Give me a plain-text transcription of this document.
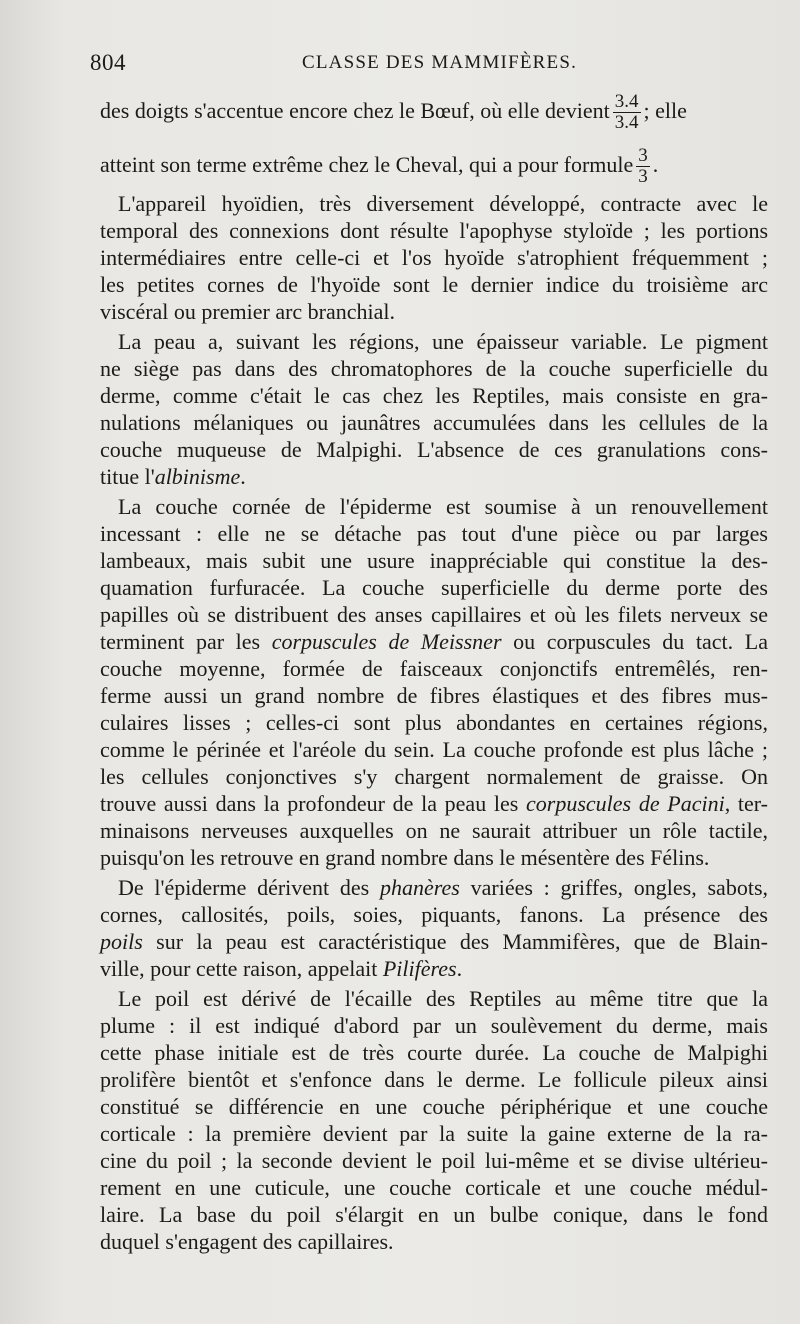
804	CLASSE DES MAMMIFÈRES.
des doigts s'accentue encore chez le Bœuf, où elle devient $\frac{3.4}{3.4}$ ; elle
atteint son terme extrême chez le Cheval, qui a pour formule $\frac{3}{3}$ .
L'appareil hyoïdien, très diversement développé, contracte avec le
temporal des connexions dont résulte l'apophyse styloïde ; les portions
intermédiaires entre celle-ci et l'os hyoïde s'atrophient fréquemment ;
les petites cornes de l'hyoïde sont le dernier indice du troisième arc
viscéral ou premier arc branchial.
La peau a, suivant les régions, une épaisseur variable. Le pigment
ne siège pas dans des chromatophores de la couche superficielle du
derme, comme c'était le cas chez les Reptiles, mais consiste en gra-
nulations mélaniques ou jaunâtres accumulées dans les cellules de la
couche muqueuse de Malpighi. L'absence de ces granulations cons-
titue l'albinisme.
La couche cornée de l'épiderme est soumise à un renouvellement
incessant : elle ne se détache pas tout d'une pièce ou par larges
lambeaux, mais subit une usure inappréciable qui constitue la des-
quamation furfuracée. La couche superficielle du derme porte des
papilles où se distribuent des anses capillaires et où les filets nerveux se
terminent par les corpuscules de Meissner ou corpuscules du tact. La
couche moyenne, formée de faisceaux conjonctifs entremêlés, ren-
ferme aussi un grand nombre de fibres élastiques et des fibres mus-
culaires lisses ; celles-ci sont plus abondantes en certaines régions,
comme le périnée et l'aréole du sein. La couche profonde est plus lâche ;
les cellules conjonctives s'y chargent normalement de graisse. On
trouve aussi dans la profondeur de la peau les corpuscules de Pacini, ter-
minaisons nerveuses auxquelles on ne saurait attribuer un rôle tactile,
puisqu'on les retrouve en grand nombre dans le mésentère des Félins.
De l'épiderme dérivent des phanères variées : griffes, ongles, sabots,
cornes, callosités, poils, soies, piquants, fanons. La présence des
poils sur la peau est caractéristique des Mammifères, que de Blain-
ville, pour cette raison, appelait Pilifères.
Le poil est dérivé de l'écaille des Reptiles au même titre que la
plume : il est indiqué d'abord par un soulèvement du derme, mais
cette phase initiale est de très courte durée. La couche de Malpighi
prolifère bientôt et s'enfonce dans le derme. Le follicule pileux ainsi
constitué se différencie en une couche périphérique et une couche
corticale : la première devient par la suite la gaine externe de la ra-
cine du poil ; la seconde devient le poil lui-même et se divise ultérieu-
rement en une cuticule, une couche corticale et une couche médul-
laire. La base du poil s'élargit en un bulbe conique, dans le fond
duquel s'engagent des capillaires.
